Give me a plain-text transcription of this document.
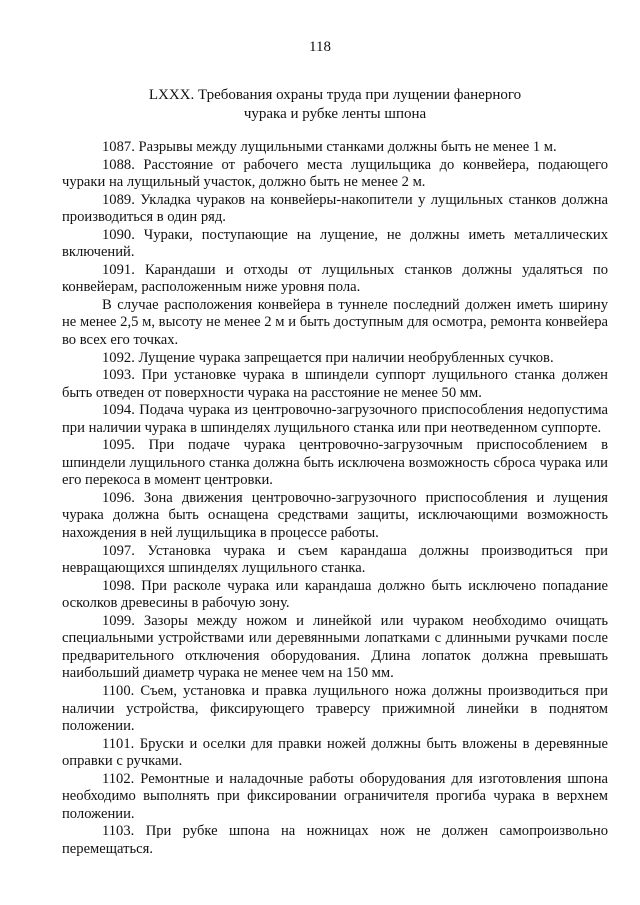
118
LXXX. Требования охраны труда при лущении фанерного
чурака и рубке ленты шпона

1087. Разрывы между лущильными станками должны быть не менее 1 м.

1088. Расстояние от рабочего места лущильщика до конвейера, подающего чураки на лущильный участок, должно быть не менее 2 м.

1089. Укладка чураков на конвейеры-накопители у лущильных станков должна производиться в один ряд.

1090. Чураки, поступающие на лущение, не должны иметь металлических включений.

1091. Карандаши и отходы от лущильных станков должны удаляться по конвейерам, расположенным ниже уровня пола.

В случае расположения конвейера в туннеле последний должен иметь ширину не менее 2,5 м, высоту не менее 2 м и быть доступным для осмотра, ремонта конвейера во всех его точках.

1092. Лущение чурака запрещается при наличии необрубленных сучков.

1093. При установке чурака в шпиндели суппорт лущильного станка должен быть отведен от поверхности чурака на расстояние не менее 50 мм.

1094. Подача чурака из центровочно-загрузочного приспособления недопустима при наличии чурака в шпинделях лущильного станка или при неотведенном суппорте.

1095. При подаче чурака центровочно-загрузочным приспособлением в шпиндели лущильного станка должна быть исключена возможность сброса чурака или его перекоса в момент центровки.

1096. Зона движения центровочно-загрузочного приспособления и лущения чурака должна быть оснащена средствами защиты, исключающими возможность нахождения в ней лущильщика в процессе работы.

1097. Установка чурака и съем карандаша должны производиться при невращающихся шпинделях лущильного станка.

1098. При расколе чурака или карандаша должно быть исключено попадание осколков древесины в рабочую зону.

1099. Зазоры между ножом и линейкой или чураком необходимо очищать специальными устройствами или деревянными лопатками с длинными ручками после предварительного отключения оборудования. Длина лопаток должна превышать наибольший диаметр чурака не менее чем на 150 мм.

1100. Съем, установка и правка лущильного ножа должны производиться при наличии устройства, фиксирующего траверсу прижимной линейки в поднятом положении.

1101. Бруски и оселки для правки ножей должны быть вложены в деревянные оправки с ручками.

1102. Ремонтные и наладочные работы оборудования для изготовления шпона необходимо выполнять при фиксировании ограничителя прогиба чурака в верхнем положении.

1103. При рубке шпона на ножницах нож не должен самопроизвольно перемещаться.
